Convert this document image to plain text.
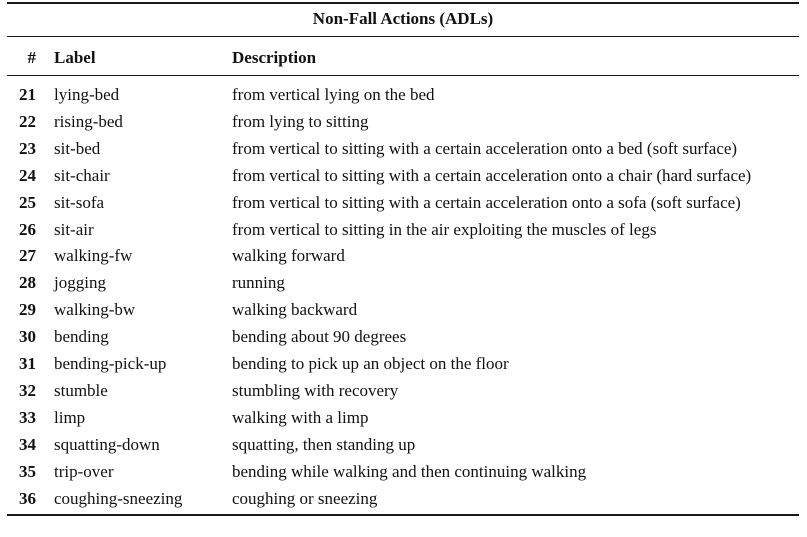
Non-Fall Actions (ADLs)
# Label	Description
21 lying-bed	from vertical lying on the bed
22 rising-bed	from lying to sitting
23 sit-bed	from vertical to sitting with a certain acceleration onto a bed (soft surface)
24 sit-chair	from vertical to sitting with a certain acceleration onto a chair (hard surface)
25 sit-sofa	from vertical to sitting with a certain acceleration onto a sofa (soft surface)
26 sit-air	from vertical to sitting in the air exploiting the muscles of legs
27 walking-fw	walking forward
28 jogging	running
29 walking-bw	walking backward
30 bending	bending about 90 degrees
31 bending-pick-up	bending to pick up an object on the floor
32 stumble	stumbling with recovery
33 limp	walking with a limp
34 squatting-down	squatting, then standing up
35 trip-over	bending while walking and then continuing walking
36 coughing-sneezing	coughing or sneezing
